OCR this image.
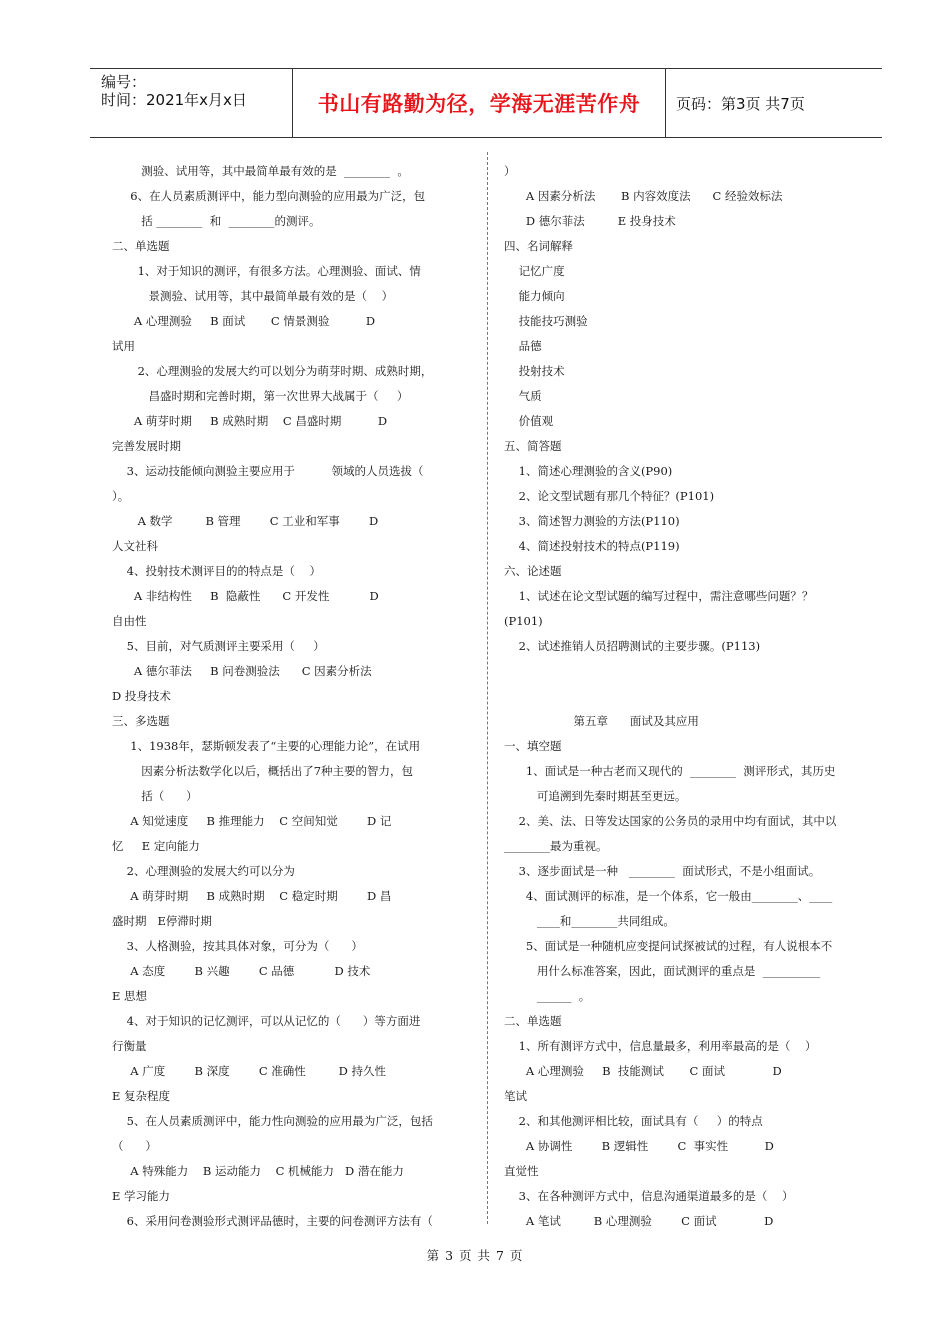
编号：
时间：2021年x月x日	书山有路勤为径，学海无涯苦作舟	页码：第3页 共7页
测验、试用等，其中最简单最有效的是  ________  。
6、在人员素质测评中，能力型向测验的应用最为广泛，包
括 ________  和  ________的测评。
二、单选题
1、对于知识的测评，有很多方法。心理测验、面试、情
景测验、试用等，其中最简单最有效的是（    ）
A 心理测验     B 面试       C 情景测验          D
试用
2、心理测验的发展大约可以划分为萌芽时期、成熟时期，
昌盛时期和完善时期，第一次世界大战属于（     ）
A 萌芽时期     B 成熟时期    C 昌盛时期          D
完善发展时期
3、运动技能倾向测验主要应用于          领域的人员选拔（
）。
A 数学         B 管理        C 工业和军事        D
人文社科
4、投射技术测评目的的特点是（    ）
A 非结构性     B  隐蔽性      C 开发性           D
自由性
5、目前，对气质测评主要采用（     ）
A 德尔菲法     B 问卷测验法      C 因素分析法
D 投身技术
三、多选题
1、1938年，瑟斯顿发表了“主要的心理能力论”，在试用
因素分析法数学化以后，概括出了7种主要的智力，包
括（      ）
A 知觉速度     B 推理能力    C 空间知觉        D 记
忆     E 定向能力
2、心理测验的发展大约可以分为
A 萌芽时期     B 成熟时期    C 稳定时期        D 昌
盛时期   E停滞时期
3、人格测验，按其具体对象，可分为（      ）
A 态度        B 兴趣        C 品德           D 技术
E 思想
4、对于知识的记忆测评，可以从记忆的（      ）等方面进
行衡量
A 广度        B 深度        C 准确性         D 持久性
E 复杂程度
5、在人员素质测评中，能力性向测验的应用最为广泛，包括
（      ）
A 特殊能力    B 运动能力    C 机械能力   D 潜在能力
E 学习能力
6、采用问卷测验形式测评品德时，主要的问卷测评方法有（
）
A 因素分析法       B 内容效度法      C 经验效标法
D 德尔菲法         E 投身技术
四、名词解释
记忆广度
能力倾向
技能技巧测验
品德
投射技术
气质
价值观
五、简答题
1、简述心理测验的含义(P90)
2、论文型试题有那几个特征？(P101)
3、简述智力测验的方法(P110)
4、简述投射技术的特点(P119)
六、论述题
1、试述在论文型试题的编写过程中，需注意哪些问题？？
(P101)
2、试述推销人员招聘测试的主要步骤。(P113)
第五章      面试及其应用
一、填空题
1、面试是一种古老而又现代的  ________  测评形式，其历史
可追溯到先秦时期甚至更远。
2、美、法、日等发达国家的公务员的录用中均有面试，其中以
________最为重视。
3、逐步面试是一种   ________  面试形式，不是小组面试。
4、面试测评的标准，是一个体系，它一般由________、____
____和________共同组成。
5、面试是一种随机应变提问试探被试的过程，有人说根本不
用什么标准答案，因此，面试测评的重点是  __________
______  。
二、单选题
1、所有测评方式中，信息量最多，利用率最高的是（    ）
A 心理测验     B  技能测试       C 面试             D
笔试
2、和其他测评相比较，面试具有（     ）的特点
A 协调性        B 逻辑性        C  事实性          D
直觉性
3、在各种测评方式中，信息沟通渠道最多的是（    ）
A 笔试         B 心理测验        C 面试             D
第 3 页 共 7 页
